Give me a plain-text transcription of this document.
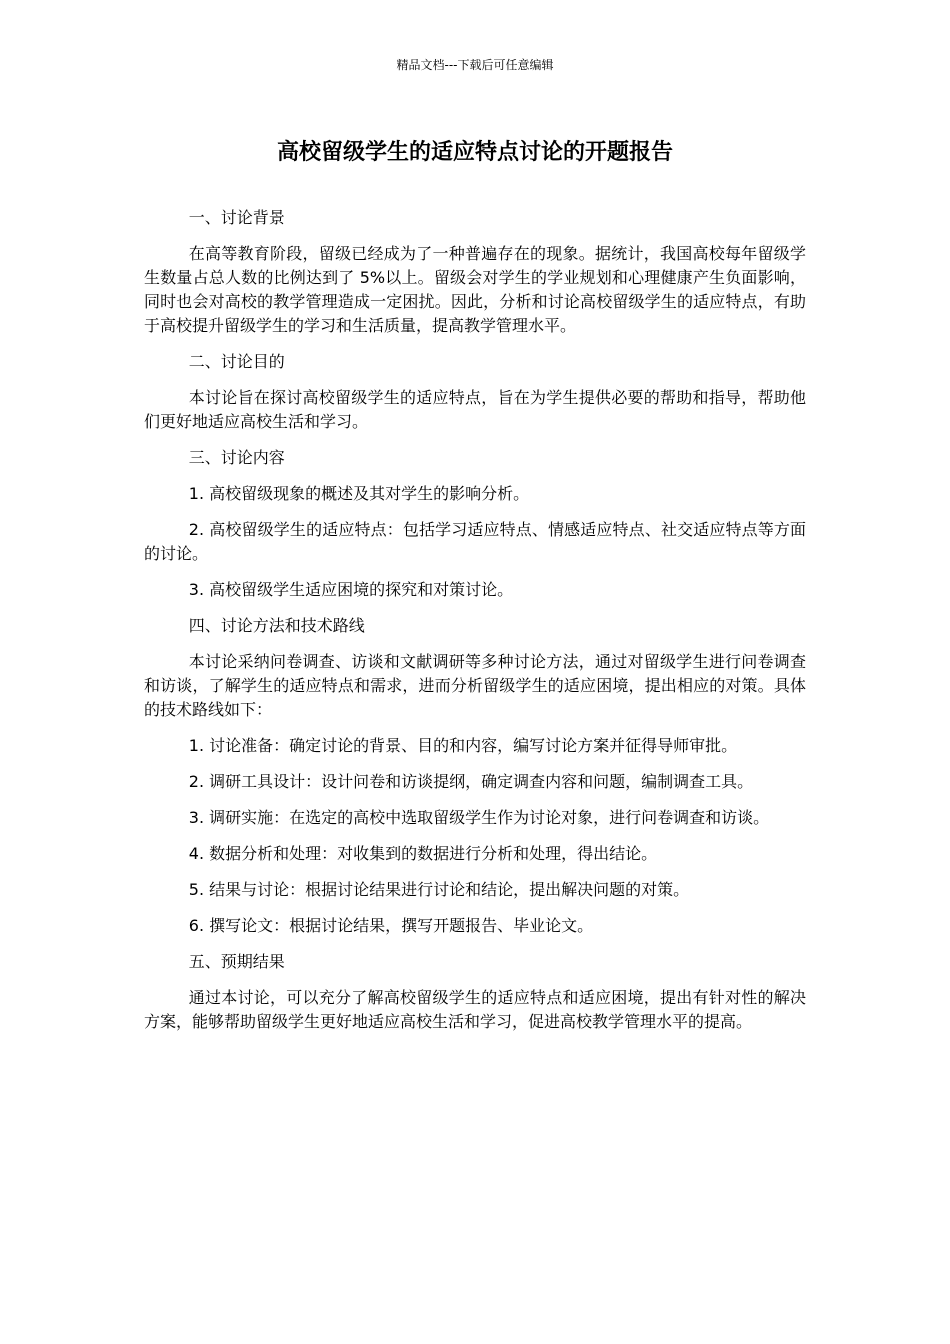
精品文档---下载后可任意编辑
高校留级学生的适应特点讨论的开题报告

一、讨论背景

在高等教育阶段，留级已经成为了一种普遍存在的现象。据统计，我国高校每年留级学生数量占总人数的比例达到了 5%以上。留级会对学生的学业规划和心理健康产生负面影响，同时也会对高校的教学管理造成一定困扰。因此，分析和讨论高校留级学生的适应特点，有助于高校提升留级学生的学习和生活质量，提高教学管理水平。

二、讨论目的

本讨论旨在探讨高校留级学生的适应特点，旨在为学生提供必要的帮助和指导，帮助他们更好地适应高校生活和学习。

三、讨论内容

1. 高校留级现象的概述及其对学生的影响分析。

2. 高校留级学生的适应特点：包括学习适应特点、情感适应特点、社交适应特点等方面的讨论。

3. 高校留级学生适应困境的探究和对策讨论。

四、讨论方法和技术路线

本讨论采纳问卷调查、访谈和文献调研等多种讨论方法，通过对留级学生进行问卷调查和访谈，了解学生的适应特点和需求，进而分析留级学生的适应困境，提出相应的对策。具体的技术路线如下：

1. 讨论准备：确定讨论的背景、目的和内容，编写讨论方案并征得导师审批。

2. 调研工具设计：设计问卷和访谈提纲，确定调查内容和问题，编制调查工具。

3. 调研实施：在选定的高校中选取留级学生作为讨论对象，进行问卷调查和访谈。

4. 数据分析和处理：对收集到的数据进行分析和处理，得出结论。

5. 结果与讨论：根据讨论结果进行讨论和结论，提出解决问题的对策。

6. 撰写论文：根据讨论结果，撰写开题报告、毕业论文。

五、预期结果

通过本讨论，可以充分了解高校留级学生的适应特点和适应困境，提出有针对性的解决方案，能够帮助留级学生更好地适应高校生活和学习，促进高校教学管理水平的提高。
